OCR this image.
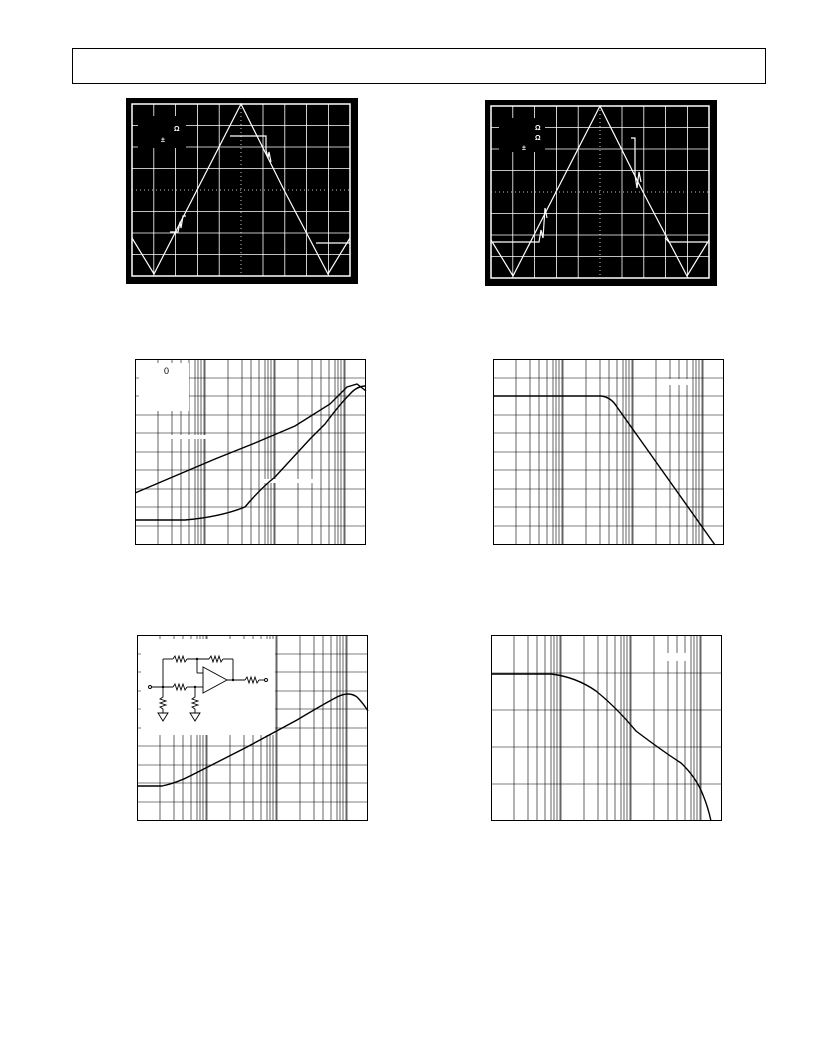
Ω
±
Ω
Ω
±
0
